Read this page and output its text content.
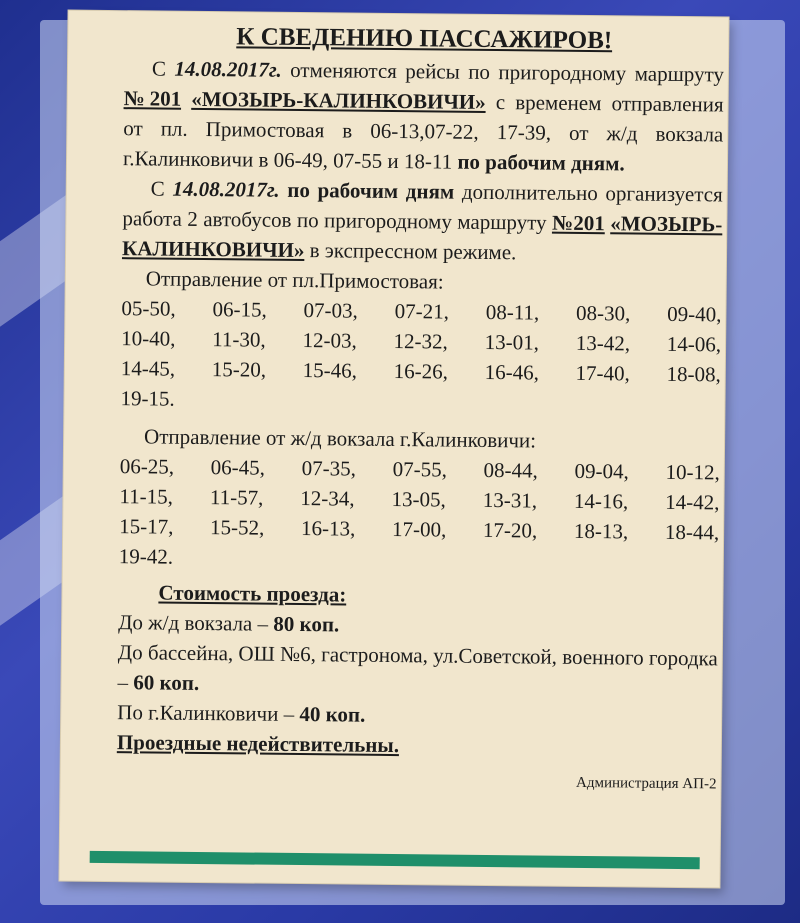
К СВЕДЕНИЮ ПАССАЖИРОВ!
С 14.08.2017г. отменяются рейсы по пригородному маршруту №201 «МОЗЫРЬ-КАЛИНКОВИЧИ» с временем отправления от пл. Примостовая в 06-13,07-22, 17-39, от ж/д вокзала г.Калинковичи в 06-49, 07-55 и 18-11 по рабочим дням.
С 14.08.2017г. по рабочим дням дополнительно организуется работа 2 автобусов по пригородному маршруту №201 «МОЗЫРЬ-КАЛИНКОВИЧИ» в экспрессном режиме.
Отправление от пл.Примостовая:
05-50, 06-15, 07-03, 07-21, 08-11, 08-30, 09-40,
10-40, 11-30, 12-03, 12-32, 13-01, 13-42, 14-06,
14-45, 15-20, 15-46, 16-26, 16-46, 17-40, 18-08,
19-15.
Отправление от ж/д вокзала г.Калинковичи:
06-25, 06-45, 07-35, 07-55, 08-44, 09-04, 10-12,
11-15, 11-57, 12-34, 13-05, 13-31, 14-16, 14-42,
15-17, 15-52, 16-13, 17-00, 17-20, 18-13, 18-44,
19-42.
Стоимость проезда:
До ж/д вокзала – 80 коп.
До бассейна, ОШ №6, гастронома, ул.Советской, военного городка – 60 коп.
По г.Калинковичи – 40 коп.
Проездные недействительны.
Администрация АП-2
